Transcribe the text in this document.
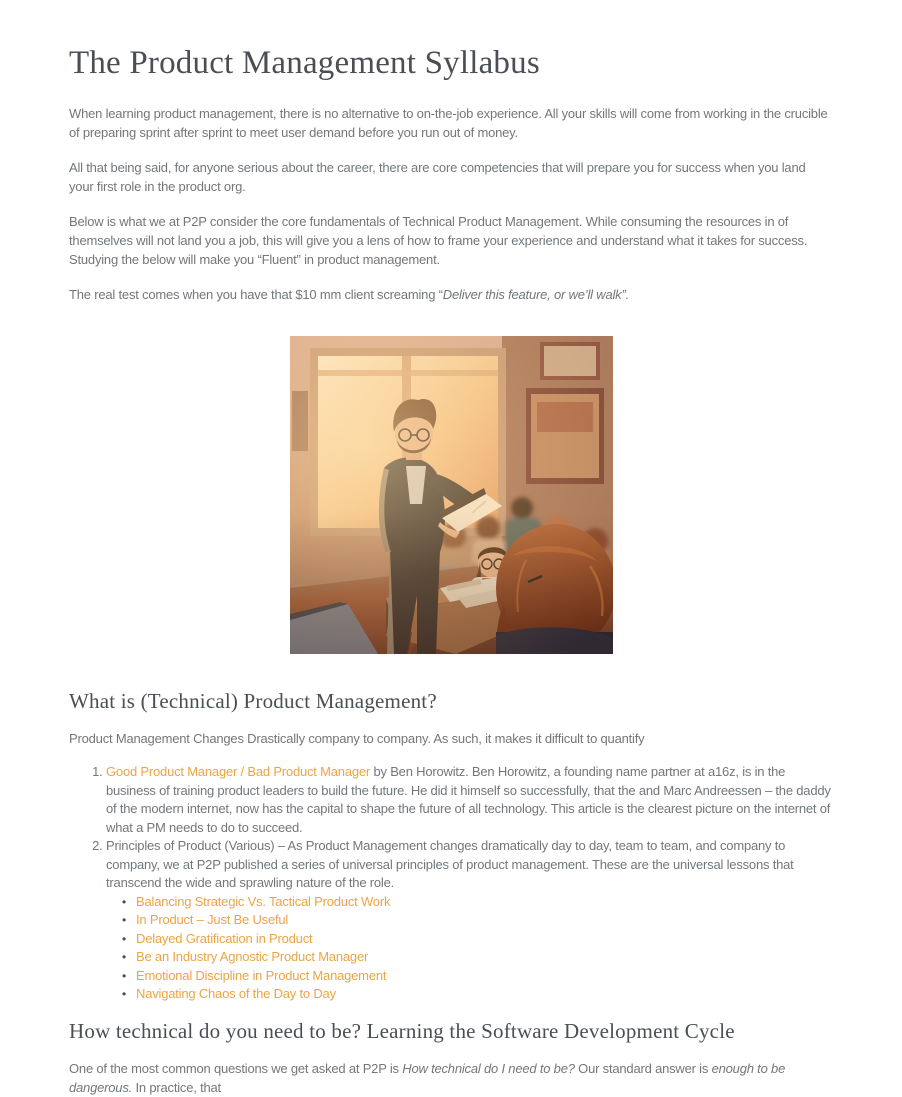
The Product Management Syllabus

When learning product management, there is no alternative to on-the-job experience. All your skills will come from working in the crucible of preparing sprint after sprint to meet user demand before you run out of money.

All that being said, for anyone serious about the career, there are core competencies that will prepare you for success when you land your first role in the product org.

Below is what we at P2P consider the core fundamentals of Technical Product Management. While consuming the resources in of themselves will not land you a job, this will give you a lens of how to frame your experience and understand what it takes for success. Studying the below will make you “Fluent” in product management.

The real test comes when you have that $10 mm client screaming “Deliver this feature, or we’ll walk”.

What is (Technical) Product Management?

Product Management Changes Drastically company to company. As such, it makes it difficult to quantify

1. Good Product Manager / Bad Product Manager by Ben Horowitz. Ben Horowitz, a founding name partner at a16z, is in the business of training product leaders to build the future. He did it himself so successfully, that the and Marc Andreessen – the daddy of the modern internet, now has the capital to shape the future of all technology. This article is the clearest picture on the internet of what a PM needs to do to succeed.
2. Principles of Product (Various) – As Product Management changes dramatically day to day, team to team, and company to company, we at P2P published a series of universal principles of product management. These are the universal lessons that transcend the wide and sprawling nature of the role.
• Balancing Strategic Vs. Tactical Product Work
• In Product – Just Be Useful
• Delayed Gratification in Product
• Be an Industry Agnostic Product Manager
• Emotional Discipline in Product Management
• Navigating Chaos of the Day to Day
How technical do you need to be? Learning the Software Development Cycle

One of the most common questions we get asked at P2P is How technical do I need to be? Our standard answer is enough to be dangerous. In practice, that
